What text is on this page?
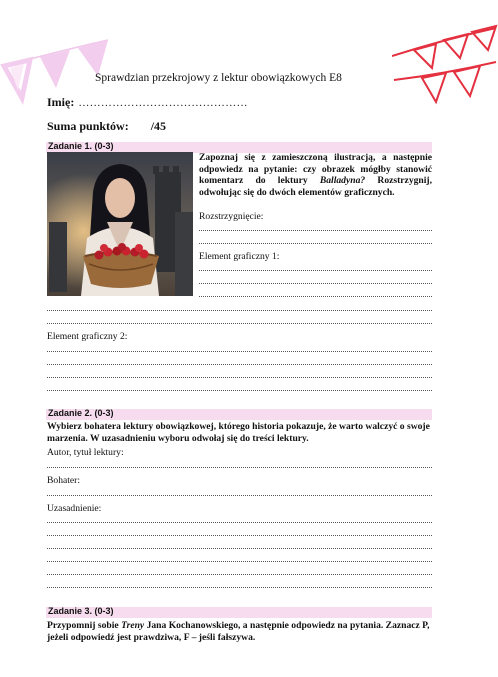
Sprawdzian przekrojowy z lektur obowiązkowych E8
Imię: ………………………………………
Suma punktów: /45
Zadanie 1. (0-3)
Zapoznaj się z zamieszczoną ilustracją, a następnie odpowiedz na pytanie: czy obrazek mógłby stanowić komentarz do lektury Balladyna? Rozstrzygnij, odwołując się do dwóch elementów graficznych.
Rozstrzygnięcie:
Element graficzny 1:
Element graficzny 2:
Zadanie 2. (0-3)
Wybierz bohatera lektury obowiązkowej, którego historia pokazuje, że warto walczyć o swoje marzenia. W uzasadnieniu wyboru odwołaj się do treści lektury.
Autor, tytuł lektury:
Bohater:
Uzasadnienie:
Zadanie 3. (0-3)
Przypomnij sobie Treny Jana Kochanowskiego, a następnie odpowiedz na pytania. Zaznacz P, jeżeli odpowiedź jest prawdziwa, F – jeśli fałszywa.
